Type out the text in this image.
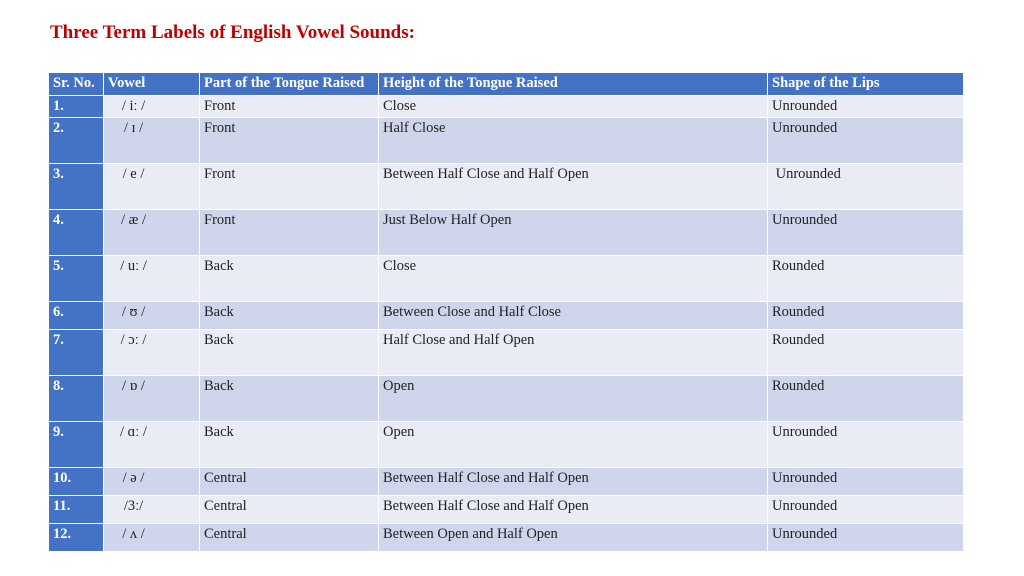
Three Term Labels of English Vowel Sounds:
Sr. No.	Vowel	Part of the Tongue Raised	Height of the Tongue Raised	Shape of the Lips
1.	/ iː /	Front	Close	Unrounded
2.	/ ɪ /	Front	Half Close	Unrounded
3.	/ e /	Front	Between Half Close and Half Open	Unrounded
4.	/ æ /	Front	Just Below Half Open	Unrounded
5.	/ uː /	Back	Close	Rounded
6.	/ ʊ /	Back	Between Close and Half Close	Rounded
7.	/ ɔː /	Back	Half Close and Half Open	Rounded
8.	/ ɒ /	Back	Open	Rounded
9.	/ ɑː /	Back	Open	Unrounded
10.	/ ə /	Central	Between Half Close and Half Open	Unrounded
11.	/3ː/	Central	Between Half Close and Half Open	Unrounded
12.	/ ʌ /	Central	Between Open and Half Open	Unrounded
